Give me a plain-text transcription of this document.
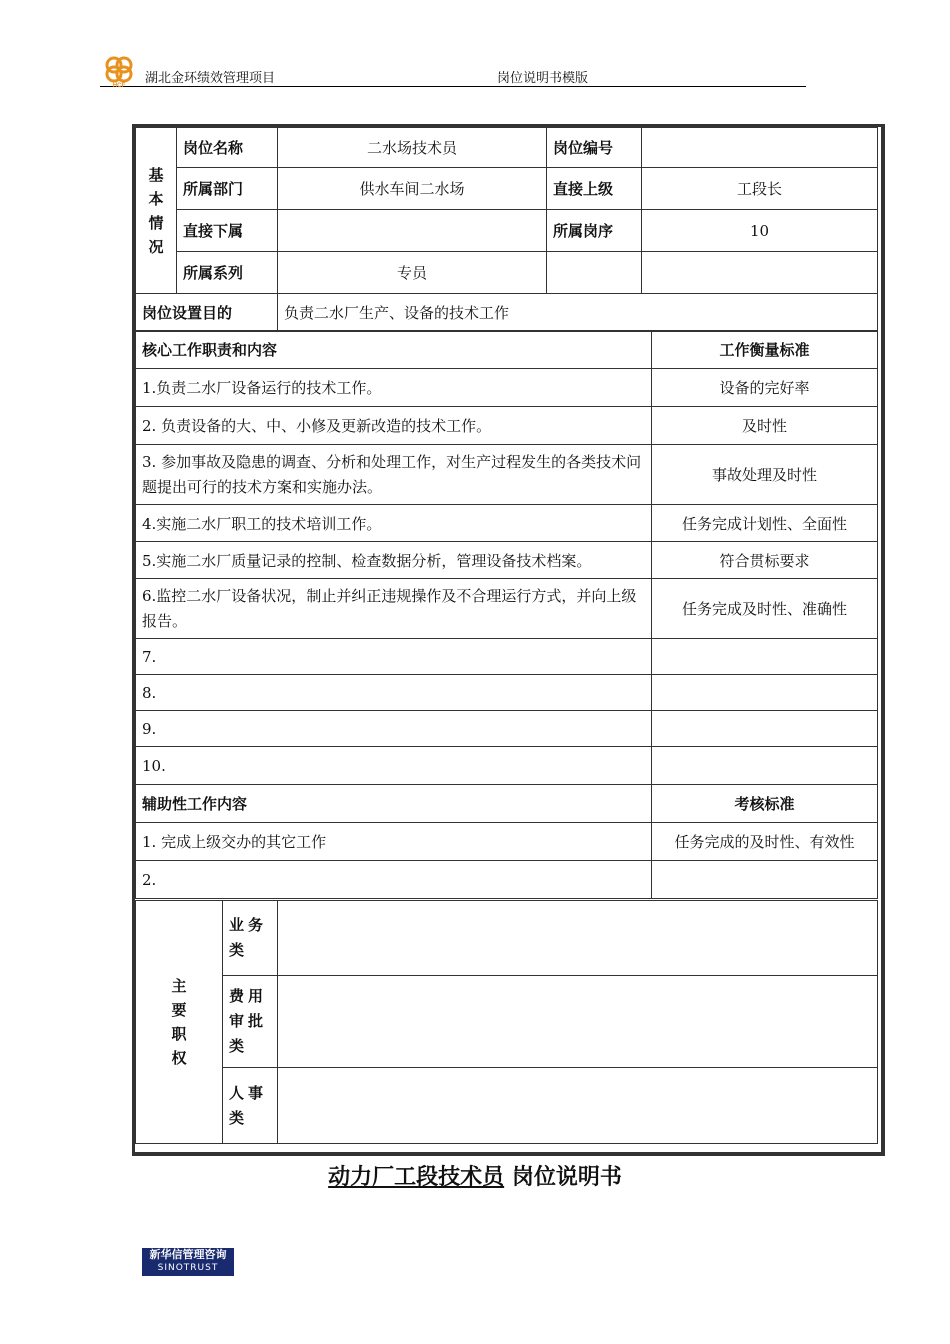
HCF 湖北金环绩效管理项目	岗位说明书模版
基本情况	岗位名称	二水场技术员	岗位编号	
	所属部门	供水车间二水场	直接上级	工段长
	直接下属		所属岗序	10
	所属系列	专员		
岗位设置目的		负责二水厂生产、设备的技术工作		
核心工作职责和内容	工作衡量标准
1.负责二水厂设备运行的技术工作。	设备的完好率
2. 负责设备的大、中、小修及更新改造的技术工作。	及时性
3. 参加事故及隐患的调查、分析和处理工作，对生产过程发生的各类技术问题提出可行的技术方案和实施办法。	事故处理及时性
4.实施二水厂职工的技术培训工作。	任务完成计划性、全面性
5.实施二水厂质量记录的控制、检查数据分析，管理设备技术档案。	符合贯标要求
6.监控二水厂设备状况，制止并纠正违规操作及不合理运行方式，并向上级报告。	任务完成及时性、准确性
7.	
8.	
9.	
10.	
辅助性工作内容	考核标准
1. 完成上级交办的其它工作	任务完成的及时性、有效性
2.	
主要职权	业务类	

	费用审批类	

	人事类	

动力厂工段技术员 岗位说明书
新华信管理咨询
SINOTRUST
